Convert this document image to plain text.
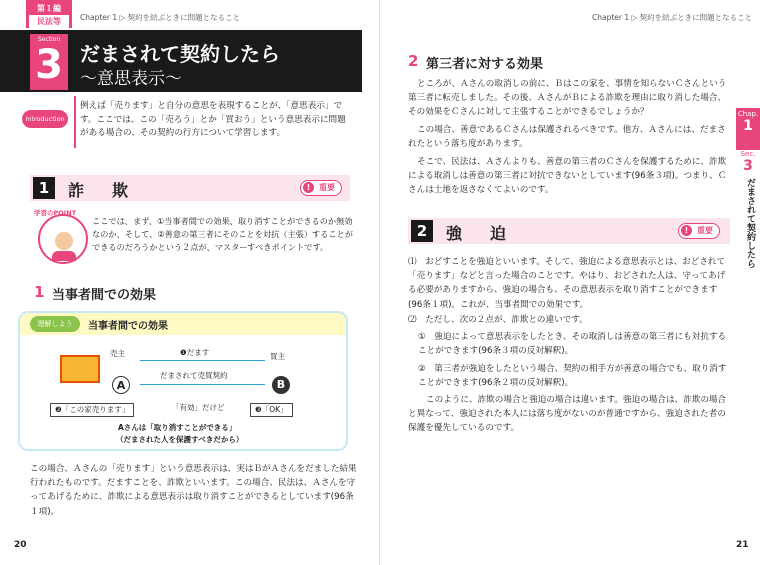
第１編
民法等	Chapter 1 ▷ 契約を結ぶときに問題となること
Section
3 だまされて契約したら
〜意思表示〜
Introduction
例えば「売ります」と自分の意思を表現することが、「意思表示」です。ここでは、この「売ろう」とか「買おう」という意思表示に問題がある場合の、その契約の行方について学習します。
1	詐　欺	!	重要
学習のPOINT
ここでは、まず、①当事者間での効果、取り消すことができるのか無効なのか、そして、②善意の第三者にそのことを対抗（主張）することができるのだろうかという２点が、マスターすべきポイントです。
1 当事者間での効果
理解しよう	当事者間での効果
売主
A
買主
B
❶だます
だまされて売買契約
❷「この家売ります」	「有効」だけど	❸「OK」
Aさんは「取り消すことができる」
（だまされた人を保護すべきだから）
この場合、Ａさんの「売ります」という意思表示は、実はＢがＡさんをだました結果行われたものです。だますことを、詐欺といいます。この場合、民法は、Ａさんを守ってあげるために、詐欺による意思表示は取り消すことができるとしています(96条１項)。
20
Chapter 1 ▷ 契約を結ぶときに問題となること
2 第三者に対する効果
ところが、Ａさんの取消しの前に、Ｂはこの家を、事情を知らないＣさんという第三者に転売しました。その後、ＡさんがＢによる詐欺を理由に取り消した場合、その効果をＣさんに対して主張することができるでしょうか？
この場合、善意であるＣさんは保護されるべきです。他方、Ａさんには、だまされたという落ち度があります。
そこで、民法は、Ａさんよりも、善意の第三者のＣさんを保護するために、詐欺による取消しは善意の第三者に対抗できないとしています(96条３項)。つまり、Ｃさんは土地を返さなくてよいのです。
2	強　迫	!	重要
⑴　おどすことを強迫といいます。そして、強迫による意思表示とは、おどされて「売ります」などと言った場合のことです。やはり、おどされた人は、守ってあげる必要がありますから、強迫の場合も、その意思表示を取り消すことができます(96条１項)。これが、当事者間での効果です。
⑵　ただし、次の２点が、詐欺との違いです。
①　強迫によって意思表示をしたとき、その取消しは善意の第三者にも対抗することができます(96条３項の反対解釈)。
②　第三者が強迫をしたという場合、契約の相手方が善意の場合でも、取り消すことができます(96条２項の反対解釈)。
このように、詐欺の場合と強迫の場合は違います。強迫の場合は、詐欺の場合と異なって、強迫された本人には落ち度がないのが普通ですから、強迫された者の保護を優先しているのです。
Chap.
1
Sec.
3
だまされて契約したら
21
